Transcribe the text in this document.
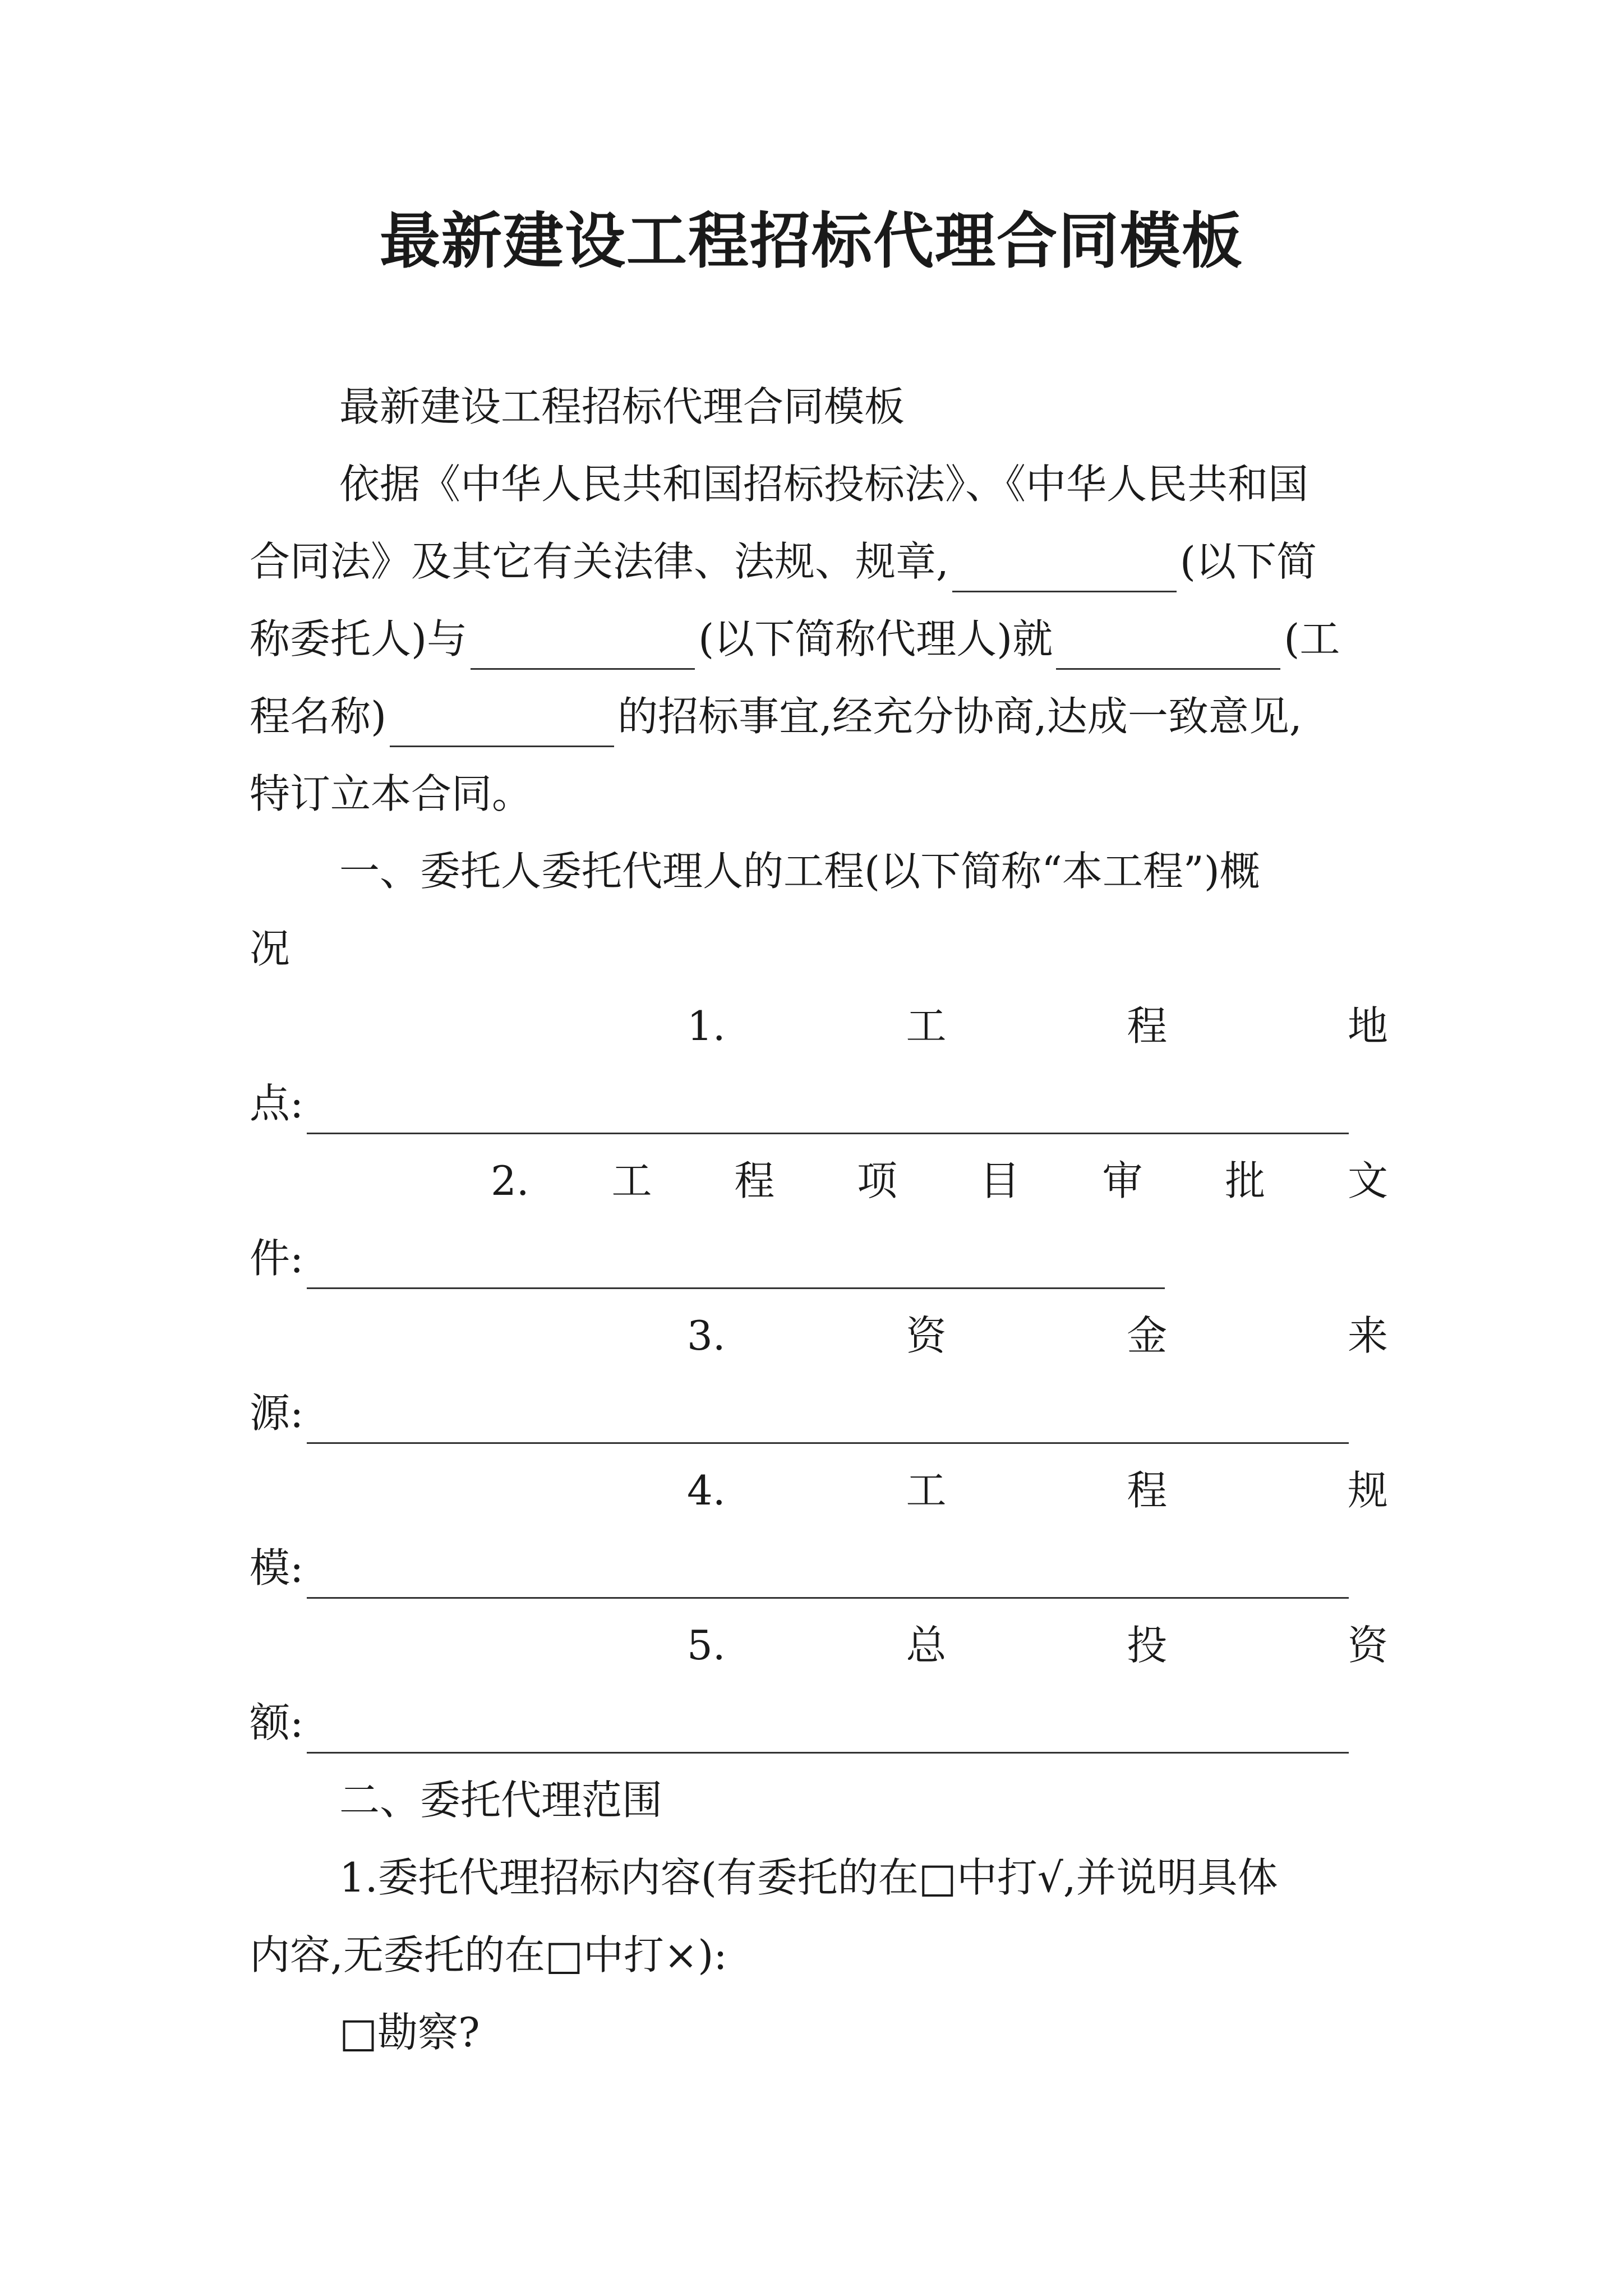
最新建设工程招标代理合同模板
最新建设工程招标代理合同模板
依据《中华人民共和国招标投标法》、《中华人民共和国
合同法》及其它有关法律、法规、规章,	(以下简
称委托人)与	(以下简称代理人)就	(工
程名称)	的招标事宜,经充分协商,达成一致意见,
特订立本合同。
一、委托人委托代理人的工程(以下简称“本工程”)概
况
1.	工	程	地
点:
2. 工 程 项 目 审 批 文
件:
3.	资	金	来
源:
4.	工	程	规
模:
5.	总	投	资
额:
二、委托代理范围
1.委托代理招标内容(有委托的在□中打√,并说明具体
内容,无委托的在□中打×):
□勘察?
